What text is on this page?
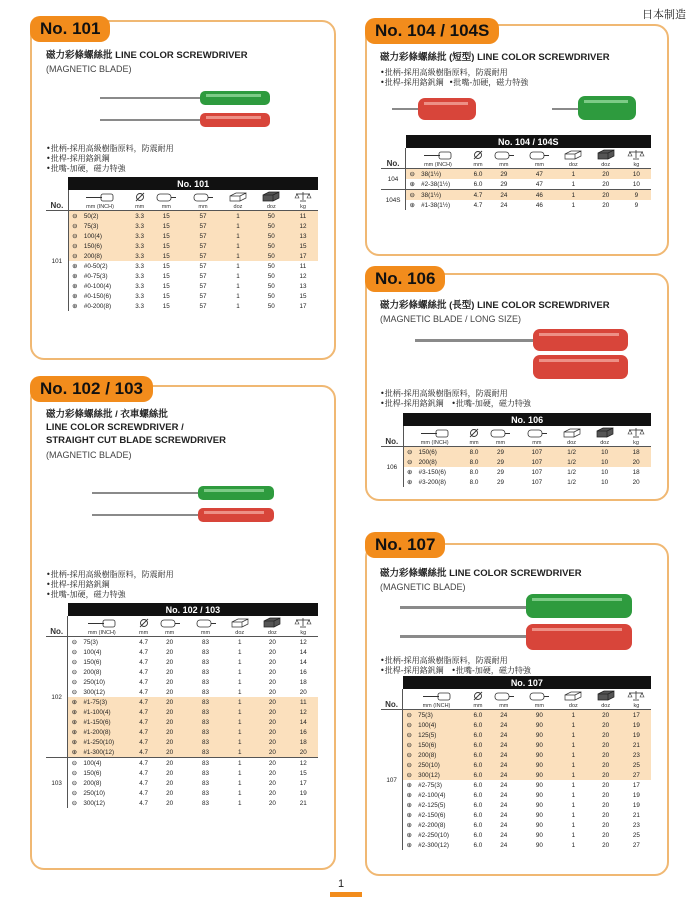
日本制造
No. 101
磁力彩條螺絲批 LINE COLOR SCREWDRIVER
(MAGNETIC BLADE)
•批柄-採用高級樹脂原料，防震耐用
•批桿-採用鉻釩鋼
•批嘴-加硬，磁力特強
	No. 101							
No.	mm (INCH)		mm	mm	mm	doz	doz	kg

101	⊖	50(2)	3.3	15	57	1	50	11
	⊖	75(3)	3.3	15	57	1	50	12
	⊖	100(4)	3.3	15	57	1	50	13
	⊖	150(6)	3.3	15	57	1	50	15
	⊖	200(8)	3.3	15	57	1	50	17
	⊕	#0-50(2)	3.3	15	57	1	50	11
	⊕	#0-75(3)	3.3	15	57	1	50	12
	⊕	#0-100(4)	3.3	15	57	1	50	13
	⊕	#0-150(6)	3.3	15	57	1	50	15
	⊕	#0-200(8)	3.3	15	57	1	50	17
No. 102 / 103
磁力彩條螺絲批 / 衣車螺絲批
LINE COLOR SCREWDRIVER /
STRAIGHT CUT BLADE SCREWDRIVER
(MAGNETIC BLADE)
•批柄-採用高級樹脂原料，防震耐用
•批桿-採用鉻釩鋼
•批嘴-加硬，磁力特強
	No. 102 / 103							
No.	mm (INCH)		mm	mm	mm	doz	doz	kg

102	⊖	75(3)	4.7	20	83	1	20	12
	⊖	100(4)	4.7	20	83	1	20	14
	⊖	150(6)	4.7	20	83	1	20	14
	⊖	200(8)	4.7	20	83	1	20	16
	⊖	250(10)	4.7	20	83	1	20	18
	⊖	300(12)	4.7	20	83	1	20	20
	⊕	#1-75(3)	4.7	20	83	1	20	11
	⊕	#1-100(4)	4.7	20	83	1	20	12
	⊕	#1-150(6)	4.7	20	83	1	20	14
	⊕	#1-200(8)	4.7	20	83	1	20	16
	⊕	#1-250(10)	4.7	20	83	1	20	18
	⊕	#1-300(12)	4.7	20	83	1	20	20
103	⊖	100(4)	4.7	20	83	1	20	12
	⊖	150(6)	4.7	20	83	1	20	15
	⊖	200(8)	4.7	20	83	1	20	17
	⊖	250(10)	4.7	20	83	1	20	19
	⊖	300(12)	4.7	20	83	1	20	21
No. 104 / 104S
磁力彩條螺絲批 (短型) LINE COLOR SCREWDRIVER
•批柄-採用高級樹脂原料，防震耐用
•批桿-採用鉻釩鋼 •批嘴-加硬，磁力特強
	No. 104 / 104S							
No.	mm (INCH)		mm	mm	mm	doz	doz	kg

104	⊖	38(1½)	6.0	29	47	1	20	10
	⊕	#2-38(1½)	6.0	29	47	1	20	10
104S	⊖	38(1½)	4.7	24	46	1	20	9
	⊕	#1-38(1½)	4.7	24	46	1	20	9
No. 106
磁力彩條螺絲批 (長型) LINE COLOR SCREWDRIVER
(MAGNETIC BLADE / LONG SIZE)
•批柄-採用高級樹脂原料，防震耐用
•批桿-採用鉻釩鋼 •批嘴-加硬，磁力特強
	No. 106							
No.	mm (INCH)		mm	mm	mm	doz	doz	kg

106	⊖	150(6)	8.0	29	107	1/2	10	18
	⊖	200(8)	8.0	29	107	1/2	10	20
	⊕	#3-150(6)	8.0	29	107	1/2	10	18
	⊕	#3-200(8)	8.0	29	107	1/2	10	20
No. 107
磁力彩條螺絲批 LINE COLOR SCREWDRIVER
(MAGNETIC BLADE)
•批柄-採用高級樹脂原料，防震耐用
•批桿-採用鉻釩鋼 •批嘴-加硬，磁力特強
	No. 107							
No.	mm (INCH)		mm	mm	mm	doz	doz	kg

107	⊖	75(3)	6.0	24	90	1	20	17
	⊖	100(4)	6.0	24	90	1	20	19
	⊖	125(5)	6.0	24	90	1	20	19
	⊖	150(6)	6.0	24	90	1	20	21
	⊖	200(8)	6.0	24	90	1	20	23
	⊖	250(10)	6.0	24	90	1	20	25
	⊖	300(12)	6.0	24	90	1	20	27
	⊕	#2-75(3)	6.0	24	90	1	20	17
	⊕	#2-100(4)	6.0	24	90	1	20	19
	⊕	#2-125(5)	6.0	24	90	1	20	19
	⊕	#2-150(6)	6.0	24	90	1	20	21
	⊕	#2-200(8)	6.0	24	90	1	20	23
	⊕	#2-250(10)	6.0	24	90	1	20	25
	⊕	#2-300(12)	6.0	24	90	1	20	27
1
